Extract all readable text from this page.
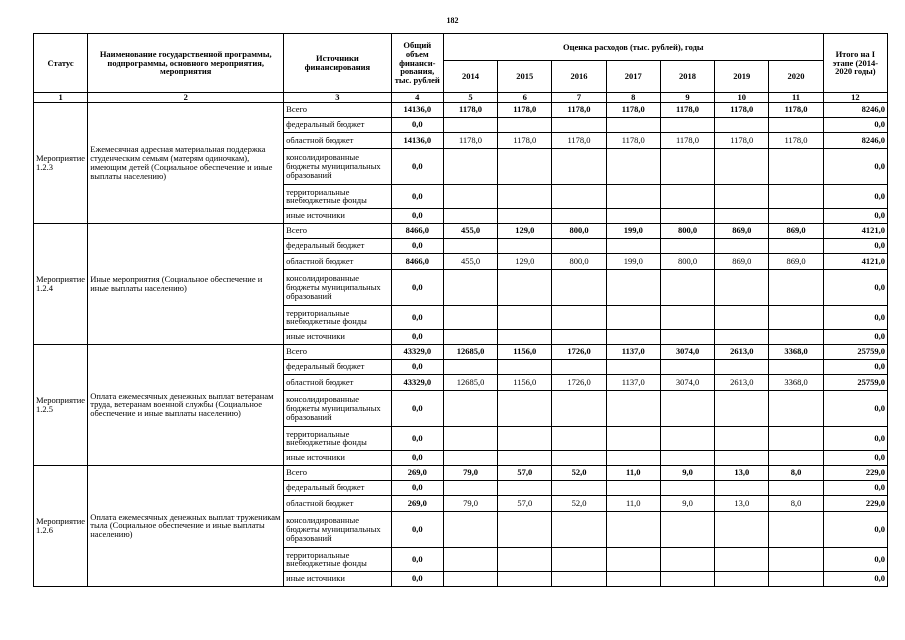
182
Статус	Наименование государственной программы, подпрограммы, основного мероприятия, мероприятия	Источники финансирования	Общий объем финанси-рования, тыс. рублей	Оценка расходов (тыс. рублей), годы							Итого на I этапе (2014-2020 годы)
				2014	2015	2016	2017	2018	2019	2020	
1	2	3	4	5	6	7	8	9	10	11	12
Мероприятие 1.2.3	Ежемесячная адресная материальная поддержка студенческим семьям (матерям одиночкам), имеющим детей (Социальное обеспечение и иные выплаты населению)	Всего	14136,0	1178,0	1178,0	1178,0	1178,0	1178,0	1178,0	1178,0	8246,0
		федеральный бюджет	0,0								0,0
		областной бюджет	14136,0	1178,0	1178,0	1178,0	1178,0	1178,0	1178,0	1178,0	8246,0
		консолидированные бюджеты муниципальных образований	0,0								0,0
		территориальные внебюджетные фонды	0,0								0,0
		иные источники	0,0								0,0
Мероприятие 1.2.4	Иные мероприятия (Социальное обеспечение и иные выплаты населению)	Всего	8466,0	455,0	129,0	800,0	199,0	800,0	869,0	869,0	4121,0
		федеральный бюджет	0,0								0,0
		областной бюджет	8466,0	455,0	129,0	800,0	199,0	800,0	869,0	869,0	4121,0
		консолидированные бюджеты муниципальных образований	0,0								0,0
		территориальные внебюджетные фонды	0,0								0,0
		иные источники	0,0								0,0
Мероприятие 1.2.5	Оплата ежемесячных денежных выплат ветеранам труда, ветеранам военной службы (Социальное обеспечение и иные выплаты населению)	Всего	43329,0	12685,0	1156,0	1726,0	1137,0	3074,0	2613,0	3368,0	25759,0
		федеральный бюджет	0,0								0,0
		областной бюджет	43329,0	12685,0	1156,0	1726,0	1137,0	3074,0	2613,0	3368,0	25759,0
		консолидированные бюджеты муниципальных образований	0,0								0,0
		территориальные внебюджетные фонды	0,0								0,0
		иные источники	0,0								0,0
Мероприятие 1.2.6	Оплата ежемесячных денежных выплат труженикам тыла (Социальное обеспечение и иные выплаты населению)	Всего	269,0	79,0	57,0	52,0	11,0	9,0	13,0	8,0	229,0
		федеральный бюджет	0,0								0,0
		областной бюджет	269,0	79,0	57,0	52,0	11,0	9,0	13,0	8,0	229,0
		консолидированные бюджеты муниципальных образований	0,0								0,0
		территориальные внебюджетные фонды	0,0								0,0
		иные источники	0,0								0,0
